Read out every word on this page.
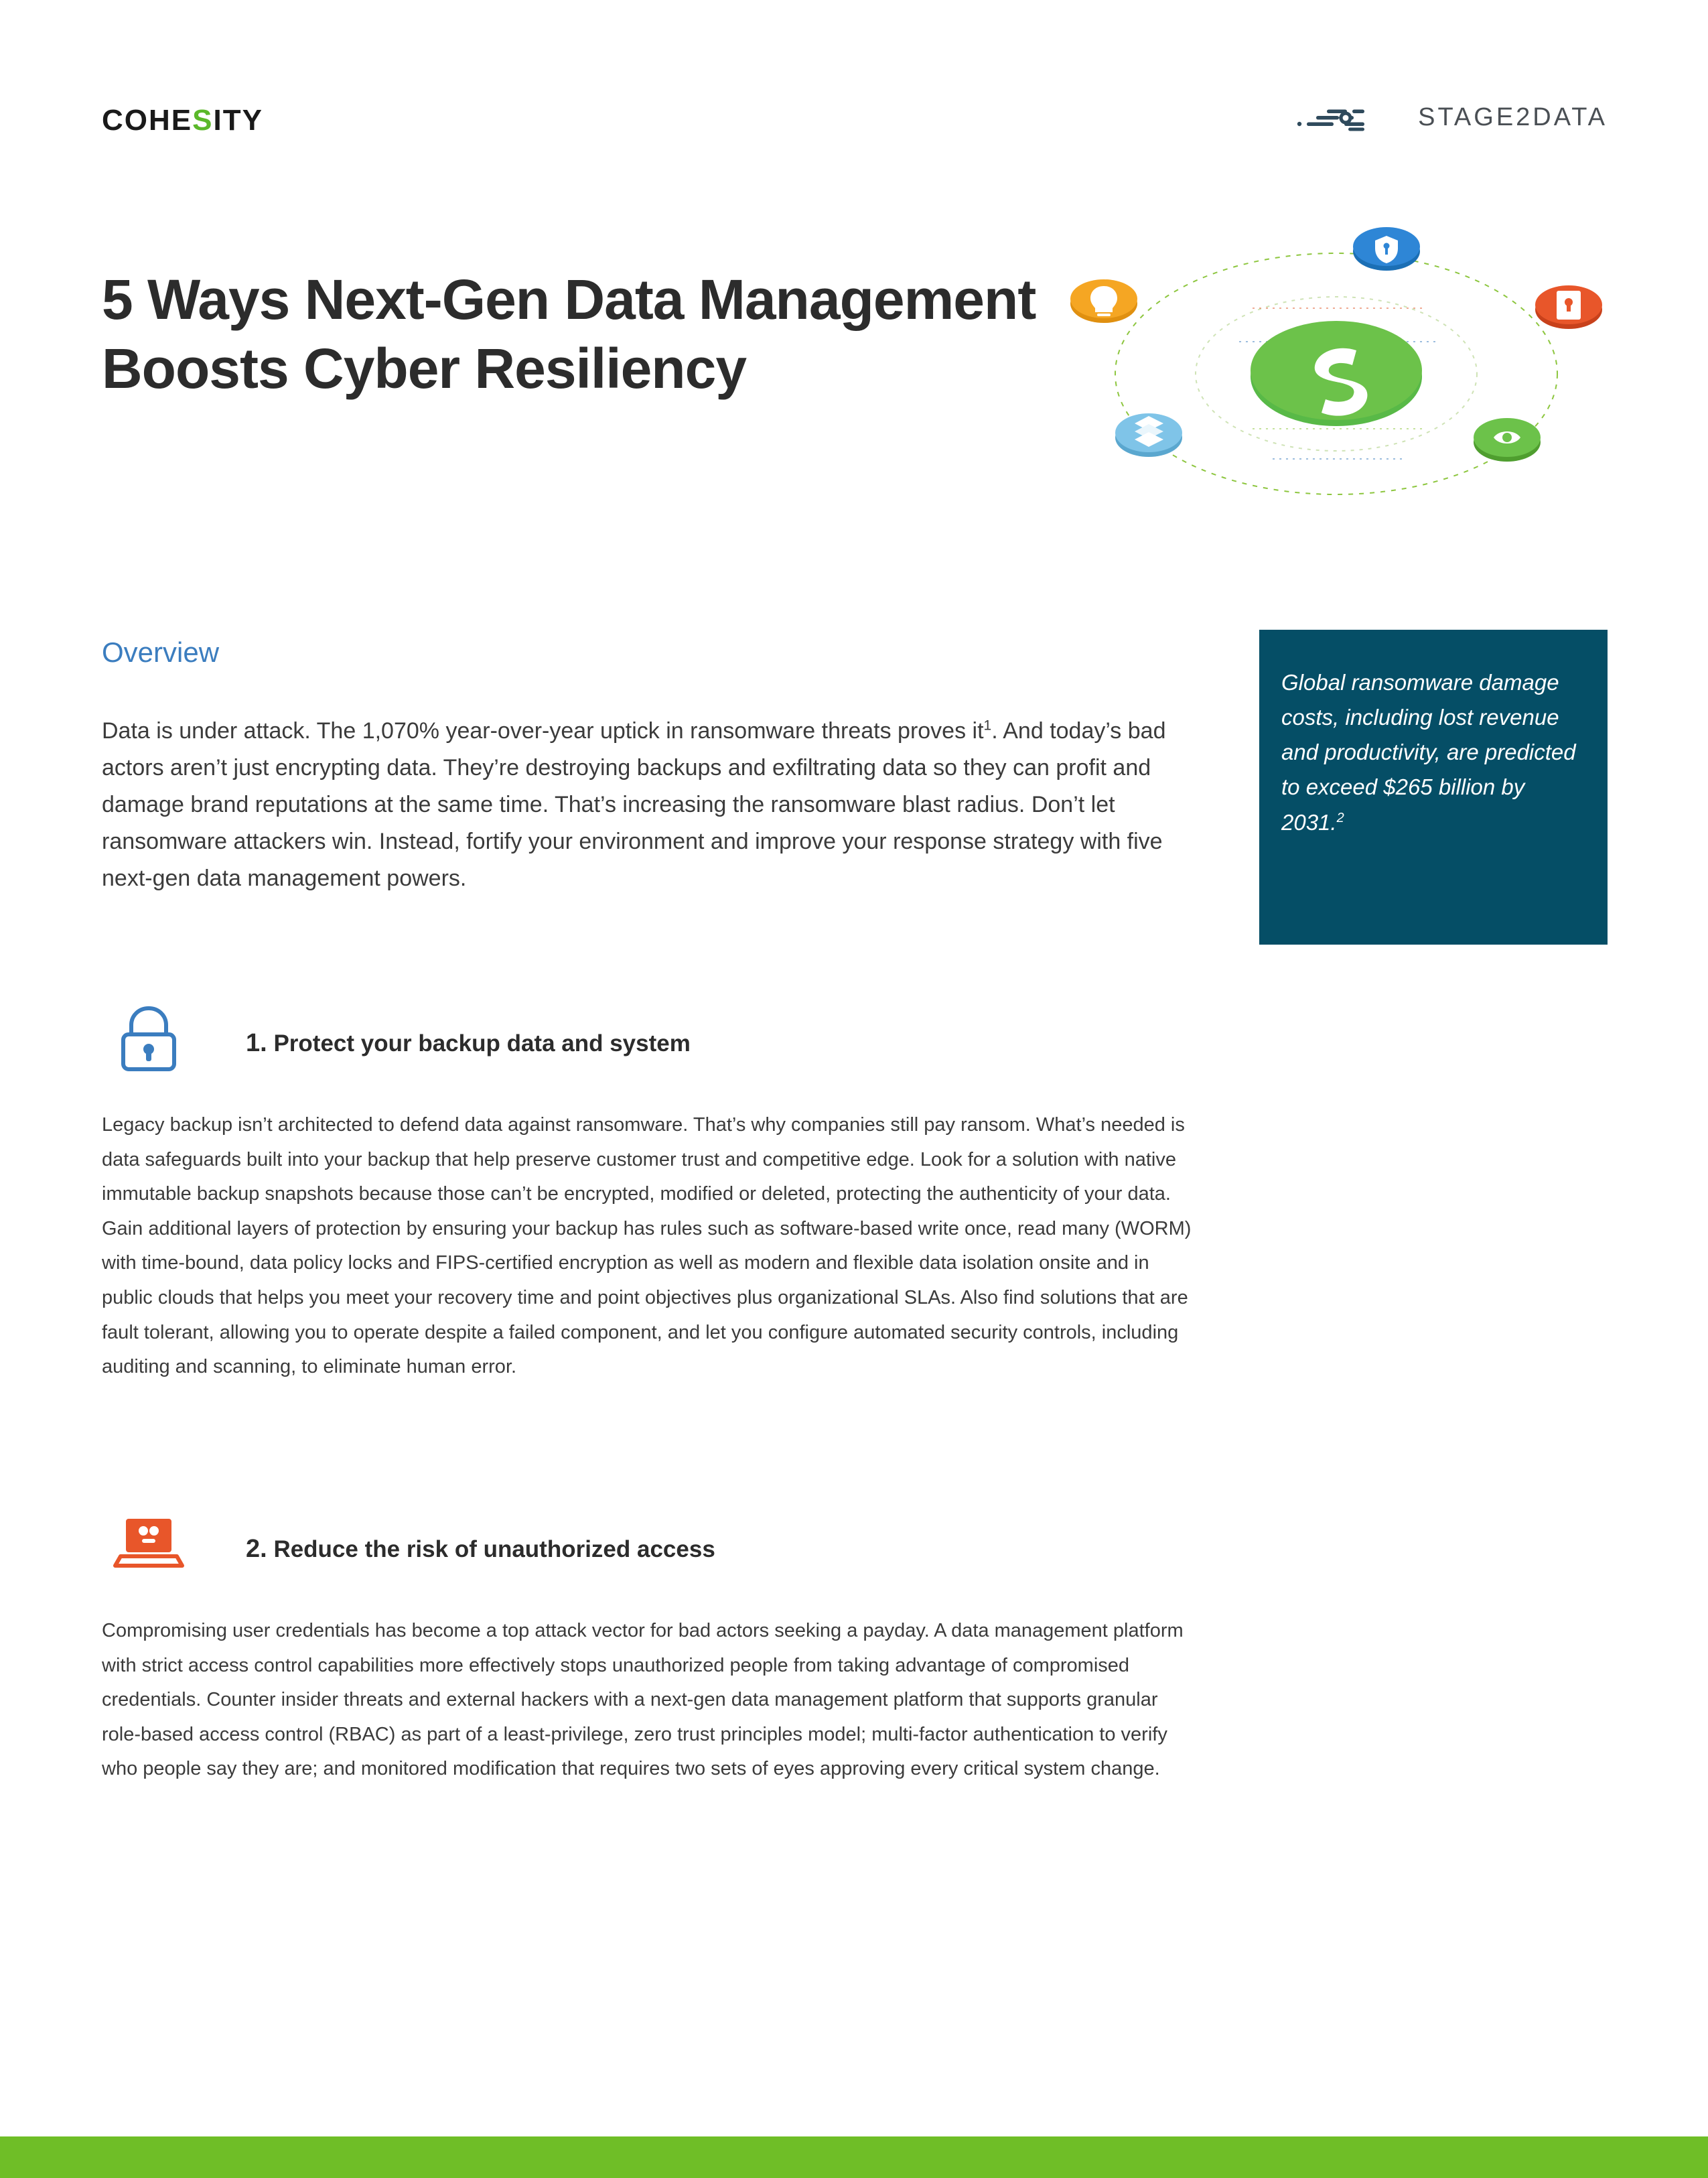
COHESITY	STAGE2DATA
5 Ways Next-Gen Data Management Boosts Cyber Resiliency
Overview

Data is under attack. The 1,070% year-over-year uptick in ransomware threats proves $it^1$. And today’s bad actors aren’t just encrypting data. They’re destroying backups and exfiltrating data so they can profit and damage brand reputations at the same time. That’s increasing the ransomware blast radius. Don’t let ransomware attackers win. Instead, fortify your environment and improve your response strategy with five next-gen data management powers.

Global ransomware damage costs, including lost revenue and productivity, are predicted to exceed $265 billion by 2031.$^2$
1. Protect your backup data and system

Legacy backup isn’t architected to defend data against ransomware. That’s why companies still pay ransom. What’s needed is data safeguards built into your backup that help preserve customer trust and competitive edge. Look for a solution with native immutable backup snapshots because those can’t be encrypted, modified or deleted, protecting the authenticity of your data. Gain additional layers of protection by ensuring your backup has rules such as software-based write once, read many (WORM) with time-bound, data policy locks and FIPS-certified encryption as well as modern and flexible data isolation onsite and in public clouds that helps you meet your recovery time and point objectives plus organizational SLAs. Also find solutions that are fault tolerant, allowing you to operate despite a failed component, and let you configure automated security controls, including auditing and scanning, to eliminate human error.

2. Reduce the risk of unauthorized access

Compromising user credentials has become a top attack vector for bad actors seeking a payday. A data management platform with strict access control capabilities more effectively stops unauthorized people from taking advantage of compromised credentials. Counter insider threats and external hackers with a next-gen data management platform that supports granular role-based access control (RBAC) as part of a least-privilege, zero trust principles model; multi-factor authentication to verify who people say they are; and monitored modification that requires two sets of eyes approving every critical system change.
